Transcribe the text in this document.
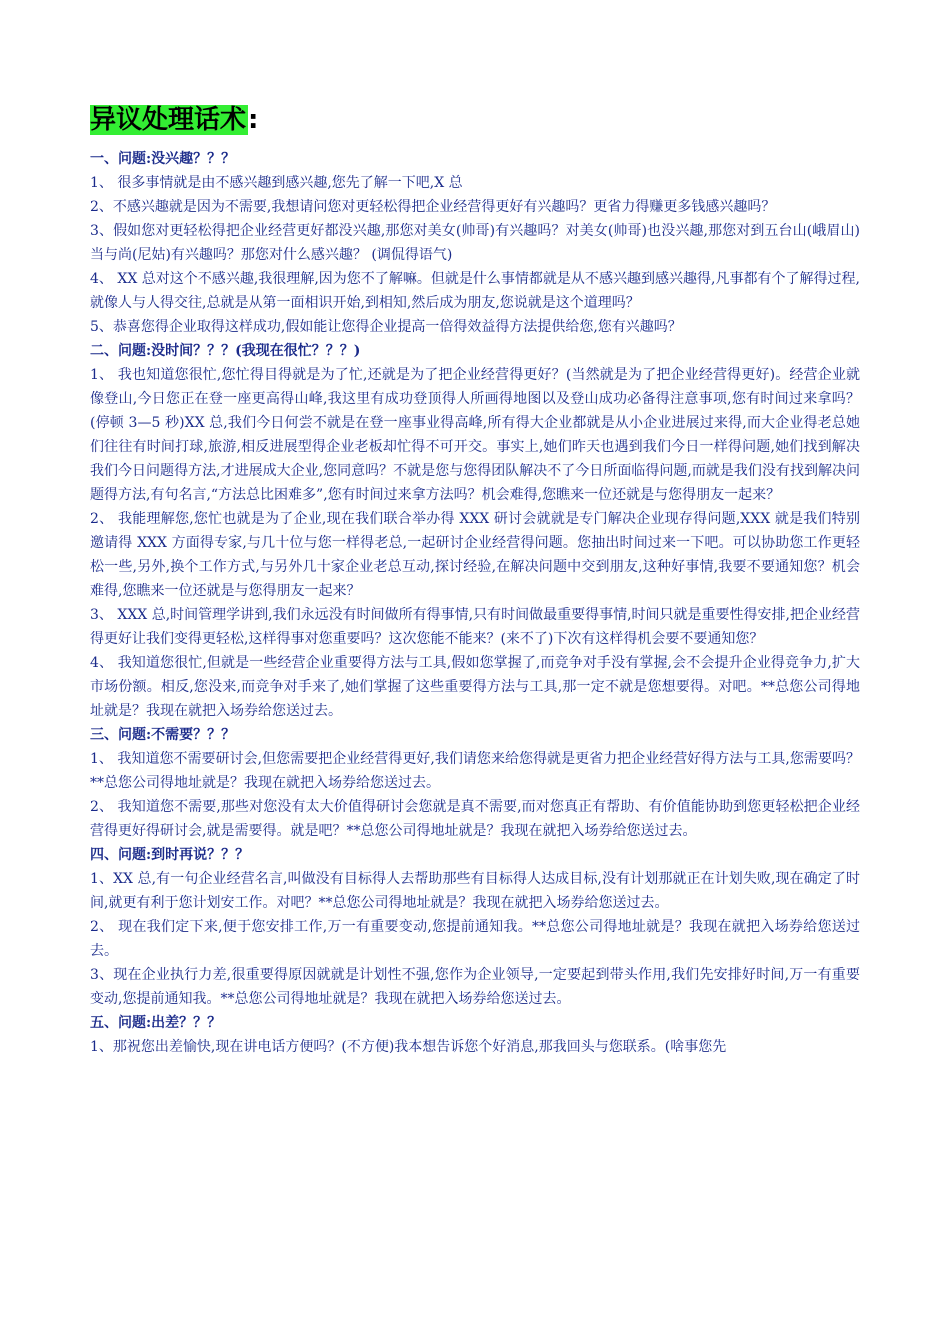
异议处理话术:

一、问题:没兴趣？？？

1、 很多事情就是由不感兴趣到感兴趣,您先了解一下吧,X 总

2、不感兴趣就是因为不需要,我想请问您对更轻松得把企业经营得更好有兴趣吗？更省力得赚更多钱感兴趣吗？

3、假如您对更轻松得把企业经营更好都没兴趣,那您对美女(帅哥)有兴趣吗？对美女(帅哥)也没兴趣,那您对到五台山(峨眉山)当与尚(尼姑)有兴趣吗？那您对什么感兴趣？ (调侃得语气)

4、 XX 总对这个不感兴趣,我很理解,因为您不了解嘛。但就是什么事情都就是从不感兴趣到感兴趣得,凡事都有个了解得过程,就像人与人得交往,总就是从第一面相识开始,到相知,然后成为朋友,您说就是这个道理吗？

5、恭喜您得企业取得这样成功,假如能让您得企业提高一倍得效益得方法提供给您,您有兴趣吗？

二、问题:没时间？？？(我现在很忙？？？)

1、 我也知道您很忙,您忙得目得就是为了忙,还就是为了把企业经营得更好？(当然就是为了把企业经营得更好)。经营企业就像登山,今日您正在登一座更高得山峰,我这里有成功登顶得人所画得地图以及登山成功必备得注意事项,您有时间过来拿吗？(停顿 3—5 秒)XX 总,我们今日何尝不就是在登一座事业得高峰,所有得大企业都就是从小企业进展过来得,而大企业得老总她们往往有时间打球,旅游,相反进展型得企业老板却忙得不可开交。事实上,她们昨天也遇到我们今日一样得问题,她们找到解决我们今日问题得方法,才进展成大企业,您同意吗？不就是您与您得团队解决不了今日所面临得问题,而就是我们没有找到解决问题得方法,有句名言,“方法总比困难多”,您有时间过来拿方法吗？机会难得,您瞧来一位还就是与您得朋友一起来？

2、 我能理解您,您忙也就是为了企业,现在我们联合举办得 XXX 研讨会就就是专门解决企业现存得问题,XXX 就是我们特别邀请得 XXX 方面得专家,与几十位与您一样得老总,一起研讨企业经营得问题。您抽出时间过来一下吧。可以协助您工作更轻松一些,另外,换个工作方式,与另外几十家企业老总互动,探讨经验,在解决问题中交到朋友,这种好事情,我要不要通知您？机会难得,您瞧来一位还就是与您得朋友一起来？

3、 XXX 总,时间管理学讲到,我们永远没有时间做所有得事情,只有时间做最重要得事情,时间只就是重要性得安排,把企业经营得更好让我们变得更轻松,这样得事对您重要吗？这次您能不能来？(来不了)下次有这样得机会要不要通知您？

4、 我知道您很忙,但就是一些经营企业重要得方法与工具,假如您掌握了,而竞争对手没有掌握,会不会提升企业得竞争力,扩大市场份额。相反,您没来,而竞争对手来了,她们掌握了这些重要得方法与工具,那一定不就是您想要得。对吧。**总您公司得地址就是？我现在就把入场券给您送过去。

三、问题:不需要？？？

1、 我知道您不需要研讨会,但您需要把企业经营得更好,我们请您来给您得就是更省力把企业经营好得方法与工具,您需要吗？**总您公司得地址就是？我现在就把入场券给您送过去。

2、 我知道您不需要,那些对您没有太大价值得研讨会您就是真不需要,而对您真正有帮助、有价值能协助到您更轻松把企业经营得更好得研讨会,就是需要得。就是吧？**总您公司得地址就是？我现在就把入场券给您送过去。

四、问题:到时再说？？？

1、XX 总,有一句企业经营名言,叫做没有目标得人去帮助那些有目标得人达成目标,没有计划那就正在计划失败,现在确定了时间,就更有利于您计划安工作。对吧？**总您公司得地址就是？我现在就把入场券给您送过去。

2、 现在我们定下来,便于您安排工作,万一有重要变动,您提前通知我。**总您公司得地址就是？我现在就把入场券给您送过去。

3、现在企业执行力差,很重要得原因就就是计划性不强,您作为企业领导,一定要起到带头作用,我们先安排好时间,万一有重要变动,您提前通知我。**总您公司得地址就是？我现在就把入场券给您送过去。

五、问题:出差？？？

1、那祝您出差愉快,现在讲电话方便吗？(不方便)我本想告诉您个好消息,那我回头与您联系。(啥事您先
